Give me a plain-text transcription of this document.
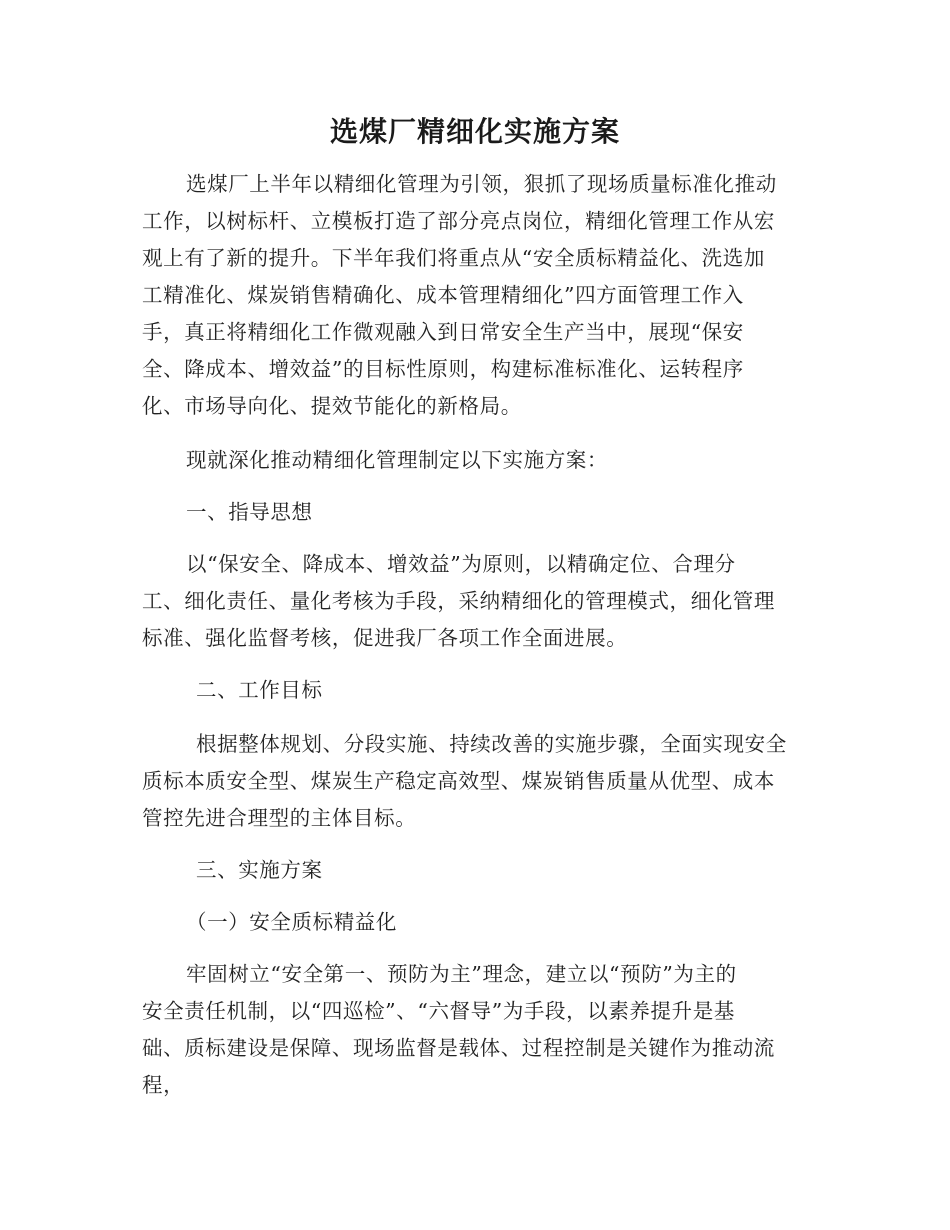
选煤厂精细化实施方案
选煤厂上半年以精细化管理为引领，狠抓了现场质量标准化推动
工作，以树标杆、立模板打造了部分亮点岗位，精细化管理工作从宏
观上有了新的提升。下半年我们将重点从“安全质标精益化、洗选加
工精准化、煤炭销售精确化、成本管理精细化”四方面管理工作入
手，真正将精细化工作微观融入到日常安全生产当中，展现“保安
全、降成本、增效益”的目标性原则，构建标准标准化、运转程序
化、市场导向化、提效节能化的新格局。
现就深化推动精细化管理制定以下实施方案：
一、指导思想
以“保安全、降成本、增效益”为原则，以精确定位、合理分
工、细化责任、量化考核为手段，采纳精细化的管理模式，细化管理
标准、强化监督考核，促进我厂各项工作全面进展。
二、工作目标
根据整体规划、分段实施、持续改善的实施步骤，全面实现安全
质标本质安全型、煤炭生产稳定高效型、煤炭销售质量从优型、成本
管控先进合理型的主体目标。
三、实施方案
（一）安全质标精益化
牢固树立“安全第一、预防为主”理念，建立以“预防”为主的
安全责任机制，以“四巡检”、“六督导”为手段，以素养提升是基
础、质标建设是保障、现场监督是载体、过程控制是关键作为推动流
程，
